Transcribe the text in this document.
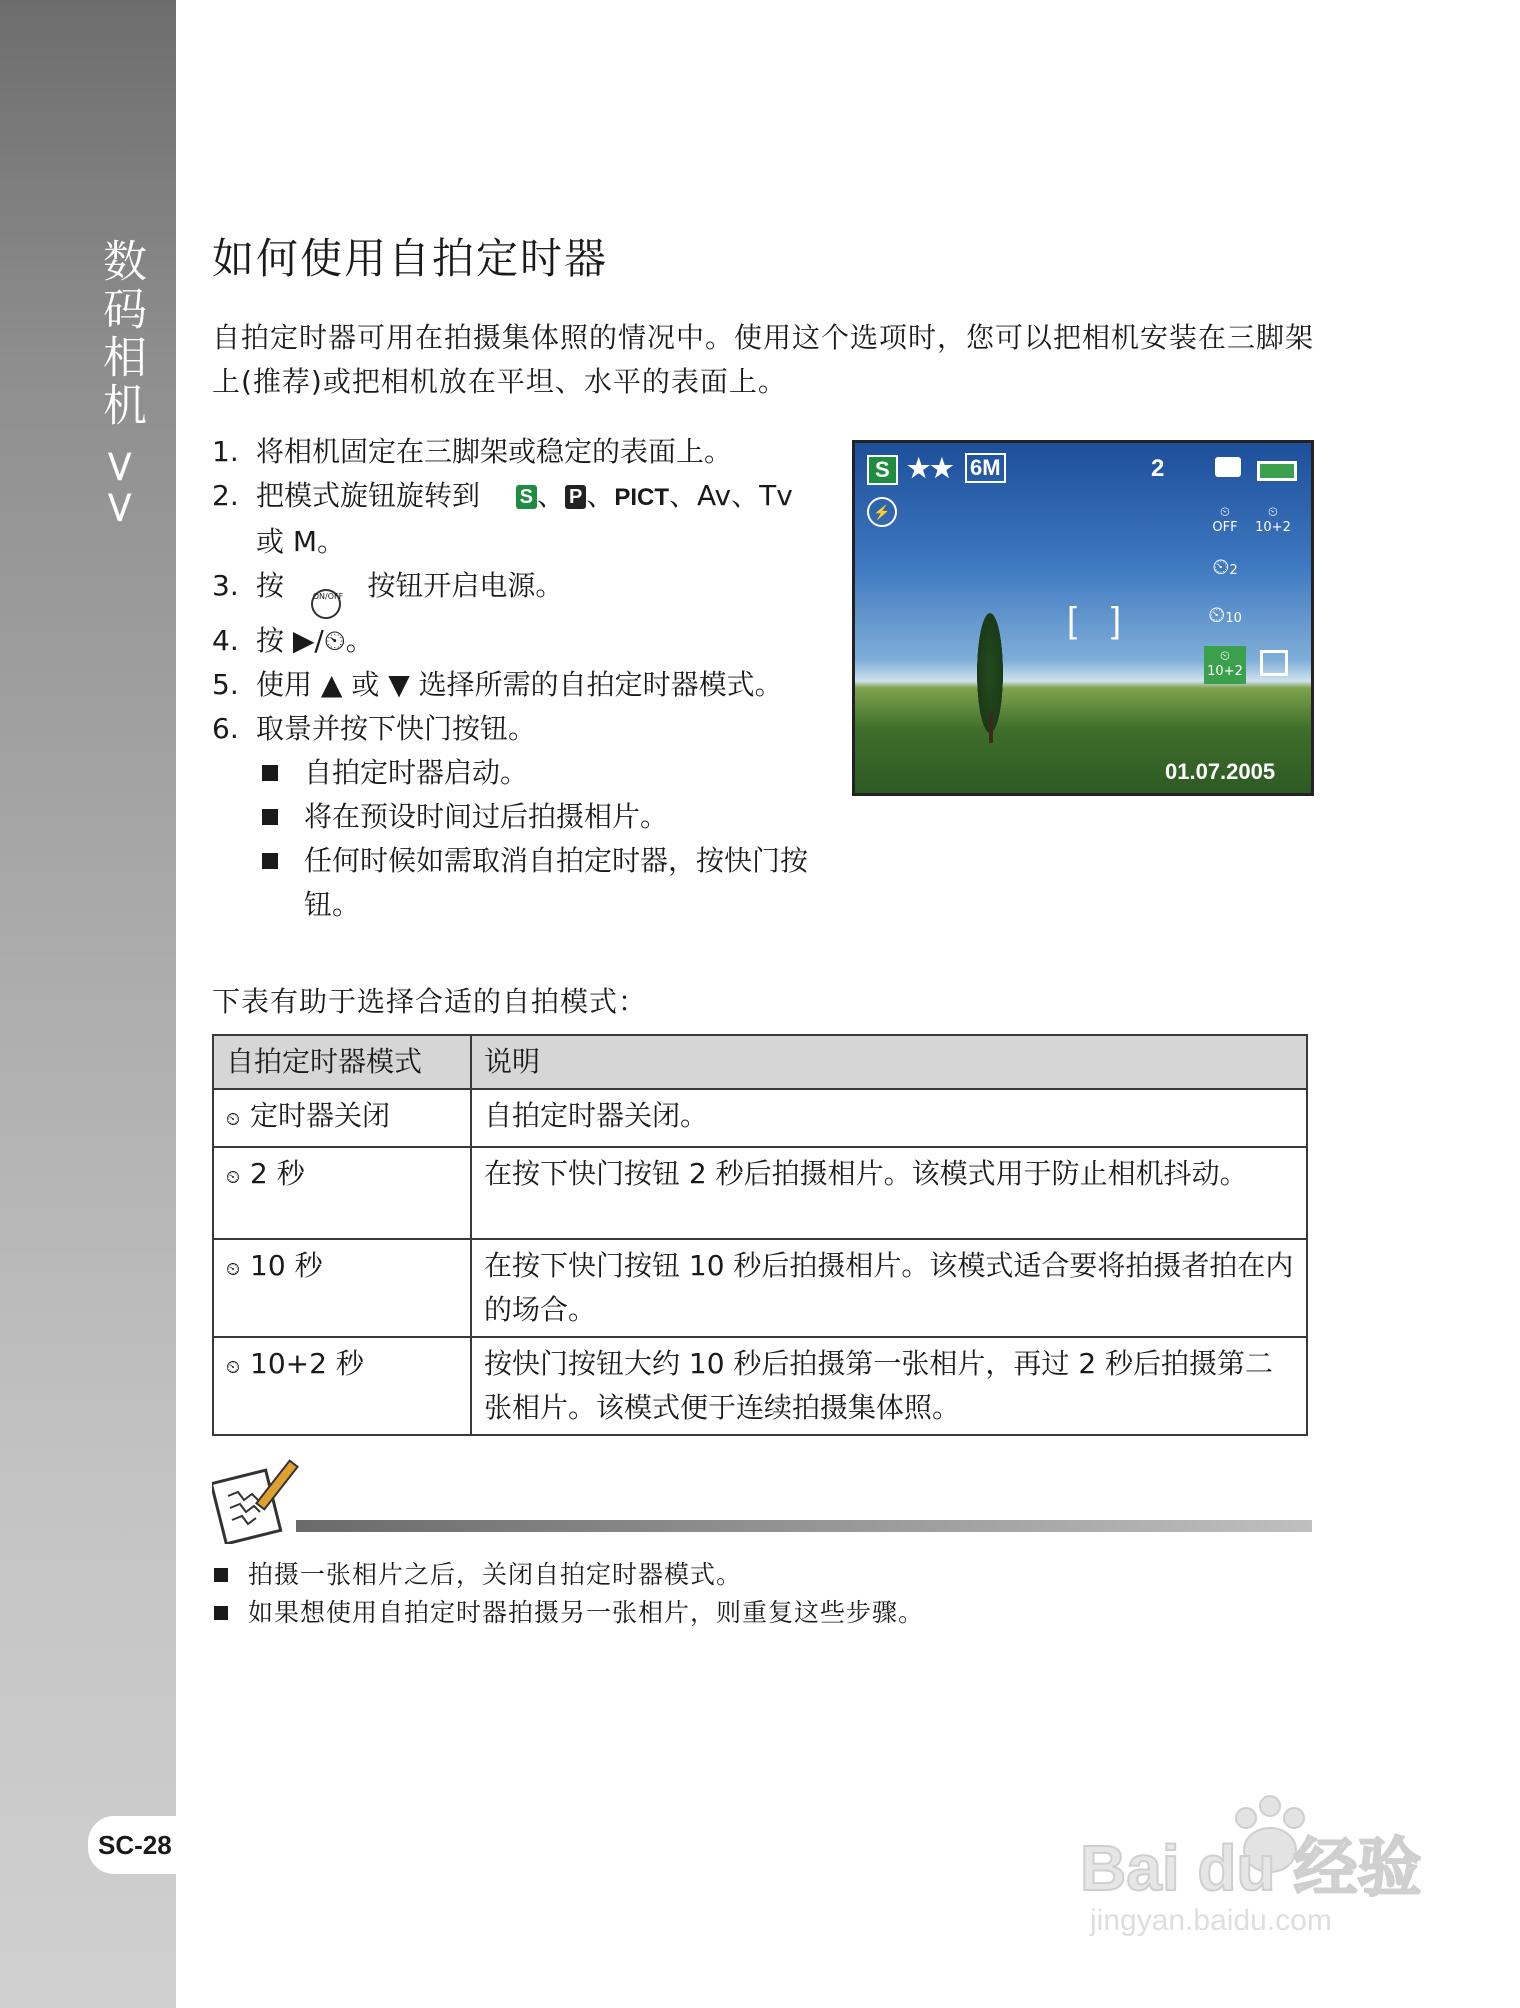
数码相机 >>
SC-28
如何使用自拍定时器
自拍定时器可用在拍摄集体照的情况中。使用这个选项时，您可以把相机安装在三脚架上(推荐)或把相机放在平坦、水平的表面上。
1. 将相机固定在三脚架或稳定的表面上。
2. 把模式旋钮旋转到 S 、 P 、PICT、Av、Tv 或 M。
3. 按	ON/OFF 按钮开启电源。
4. 按 ▶/⏲。
5. 使用 ▲ 或 ▼ 选择所需的自拍定时器模式。
6. 取景并按下快门按钮。
自拍定时器启动。
将在预设时间过后拍摄相片。
任何时候如需取消自拍定时器，按快门按钮。
S ★★ 6M	2
⚡
[ ]
⏲
OFF
⏲
10+2
⏲2
⏲10
⏲
10+2
01.07.2005
下表有助于选择合适的自拍模式：
自拍定时器模式	说明
⏲ 定时器关闭	自拍定时器关闭。
⏲ 2 秒	在按下快门按钮 2 秒后拍摄相片。该模式用于防止相机抖动。
⏲ 10 秒	在按下快门按钮 10 秒后拍摄相片。该模式适合要将拍摄者拍在内的场合。
⏲ 10+2 秒	按快门按钮大约 10 秒后拍摄第一张相片，再过 2 秒后拍摄第二张相片。该模式便于连续拍摄集体照。
拍摄一张相片之后，关闭自拍定时器模式。
如果想使用自拍定时器拍摄另一张相片，则重复这些步骤。
Bai du 经验
jingyan.baidu.com
